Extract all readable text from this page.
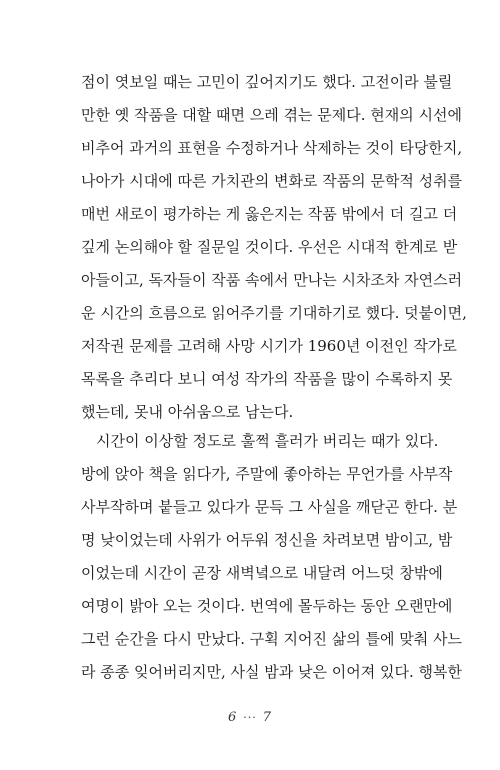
점이 엿보일 때는 고민이 깊어지기도 했다. 고전이라 불릴
만한 옛 작품을 대할 때면 으레 겪는 문제다. 현재의 시선에
비추어 과거의 표현을 수정하거나 삭제하는 것이 타당한지,
나아가 시대에 따른 가치관의 변화로 작품의 문학적 성취를
매번 새로이 평가하는 게 옳은지는 작품 밖에서 더 길고 더
깊게 논의해야 할 질문일 것이다. 우선은 시대적 한계로 받
아들이고, 독자들이 작품 속에서 만나는 시차조차 자연스러
운 시간의 흐름으로 읽어주기를 기대하기로 했다. 덧붙이면,
저작권 문제를 고려해 사망 시기가 1960년 이전인 작가로
목록을 추리다 보니 여성 작가의 작품을 많이 수록하지 못
했는데, 못내 아쉬움으로 남는다.
시간이 이상할 정도로 훌쩍 흘러가 버리는 때가 있다.
방에 앉아 책을 읽다가, 주말에 좋아하는 무언가를 사부작
사부작하며 붙들고 있다가 문득 그 사실을 깨닫곤 한다. 분
명 낮이었는데 사위가 어두워 정신을 차려보면 밤이고, 밤
이었는데 시간이 곧장 새벽녘으로 내달려 어느덧 창밖에
여명이 밝아 오는 것이다. 번역에 몰두하는 동안 오랜만에
그런 순간을 다시 만났다. 구획 지어진 삶의 틀에 맞춰 사느
라 종종 잊어버리지만, 사실 밤과 낮은 이어져 있다. 행복한
6 ··· 7
